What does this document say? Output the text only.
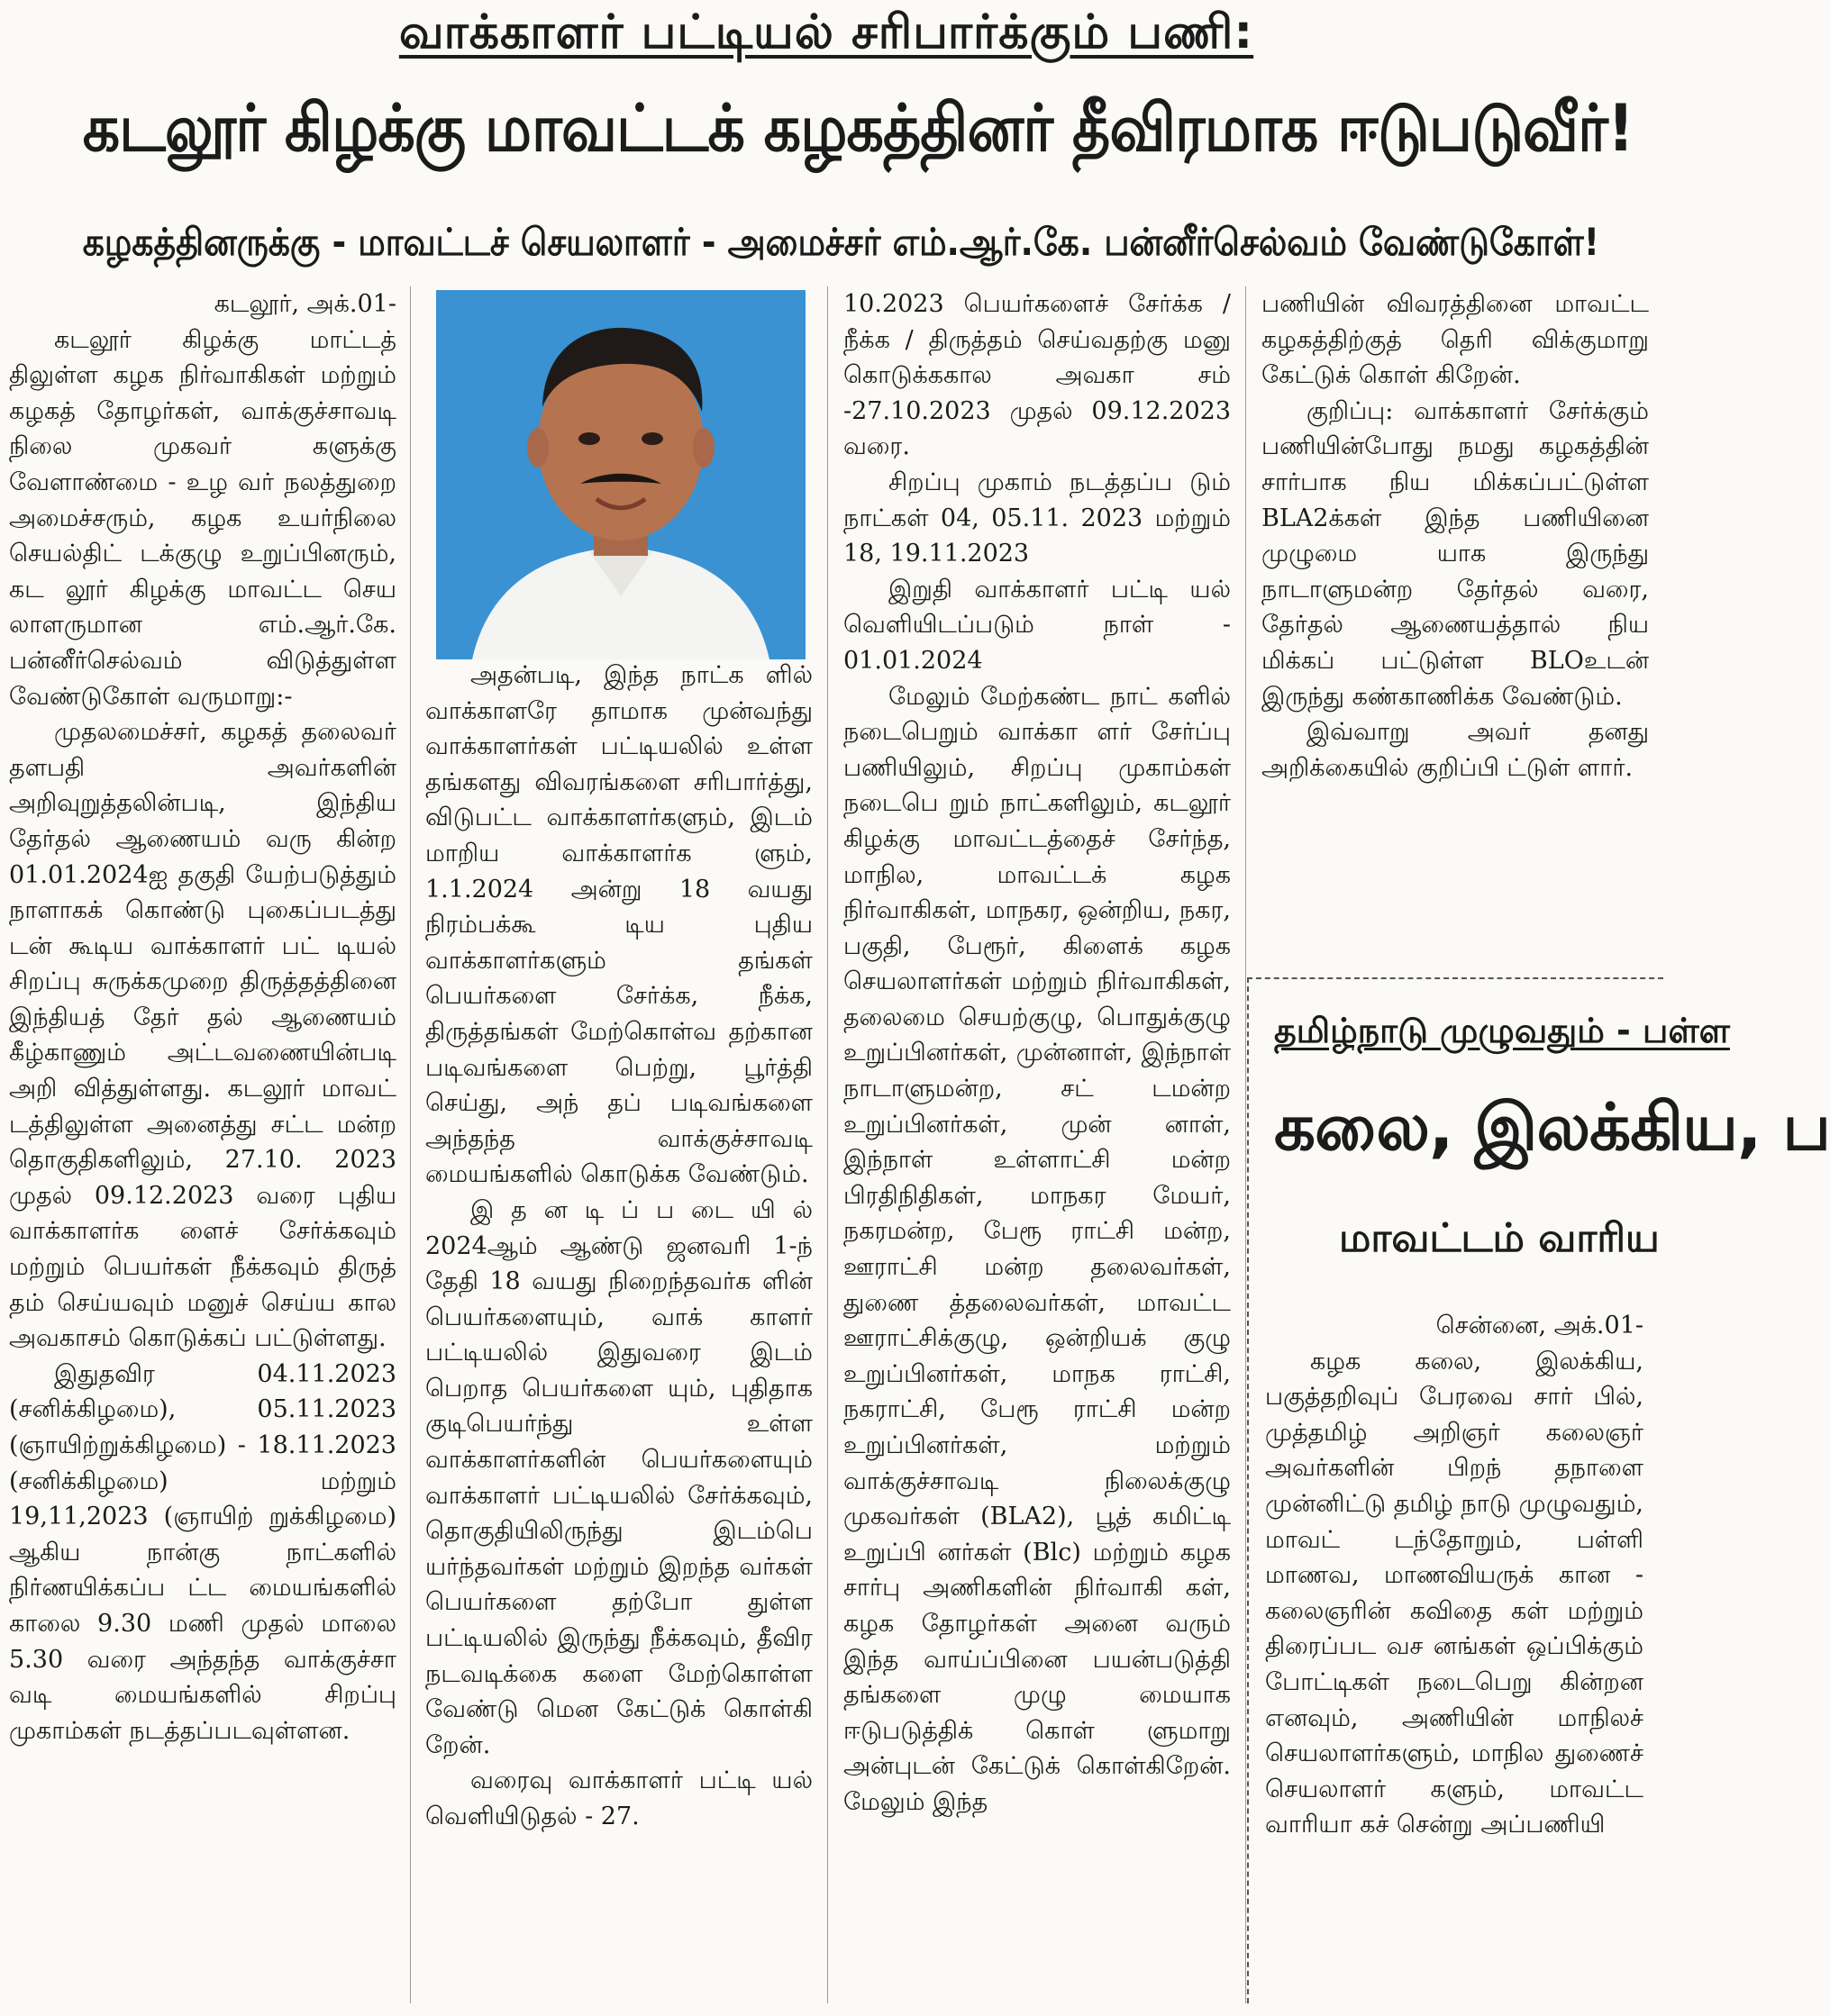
வாக்காளர் பட்டியல் சரிபார்க்கும் பணி:
கடலூர் கிழக்கு மாவட்டக் கழகத்தினர் தீவிரமாக ஈடுபடுவீர்!
கழகத்தினருக்கு - மாவட்டச் செயலாளர் - அமைச்சர் எம்.ஆர்.கே. பன்னீர்செல்வம் வேண்டுகோள்!

கடலூர், அக்.01-

கடலூர் கிழக்கு மாட்டத் திலுள்ள கழக நிர்வாகிகள் மற்றும் கழகத் தோழர்கள், வாக்குச்சாவடி நிலை முகவர் களுக்கு வேளாண்மை - உழ வர் நலத்துறை அமைச்சரும், கழக உயர்நிலை செயல்திட் டக்குழு உறுப்பினரும், கட லூர் கிழக்கு மாவட்ட செய லாளருமான எம்.ஆர்.கே. பன்னீர்செல்வம் விடுத்துள்ள வேண்டுகோள் வருமாறு:-

முதலமைச்சர், கழகத் தலைவர் தளபதி அவர்களின் அறிவுறுத்தலின்படி, இந்திய தேர்தல் ஆணையம் வரு கின்ற 01.01.2024ஐ தகுதி யேற்படுத்தும் நாளாகக் கொண்டு புகைப்படத்து டன் கூடிய வாக்காளர் பட் டியல் சிறப்பு சுருக்கமுறை திருத்தத்தினை இந்தியத் தேர் தல் ஆணையம் கீழ்காணும் அட்டவணையின்படி அறி வித்துள்ளது. கடலூர் மாவட் டத்திலுள்ள அனைத்து சட்ட மன்ற தொகுதிகளிலும், 27.10. 2023 முதல் 09.12.2023 வரை புதிய வாக்காளர்க ளைச் சேர்க்கவும் மற்றும் பெயர்கள் நீக்கவும் திருத் தம் செய்யவும் மனுச் செய்ய கால அவகாசம் கொடுக்கப் பட்டுள்ளது.

இதுதவிர 04.11.2023 (சனிக்கிழமை), 05.11.2023 (ஞாயிற்றுக்கிழமை) - 18.11.2023 (சனிக்கிழமை) மற்றும் 19,11,2023 (ஞாயிற் றுக்கிழமை) ஆகிய நான்கு நாட்களில் நிர்ணயிக்கப்ப ட்ட மையங்களில் காலை 9.30 மணி முதல் மாலை 5.30 வரை அந்தந்த வாக்குச்சா வடி மையங்களில் சிறப்பு முகாம்கள் நடத்தப்படவுள்ளன.

அதன்படி, இந்த நாட்க ளில் வாக்காளரே தாமாக முன்வந்து வாக்காளர்கள் பட்டியலில் உள்ள தங்களது விவரங்களை சரிபார்த்து, விடுபட்ட வாக்காளர்களும், இடம் மாறிய வாக்காளர்க ளும், 1.1.2024 அன்று 18 வயது நிரம்பக்கூ டிய புதிய வாக்காளர்களும் தங்கள் பெயர்களை சேர்க்க, நீக்க, திருத்தங்கள் மேற்கொள்வ தற்கான படிவங்களை பெற்று, பூர்த்தி செய்து, அந் தப் படிவங்களை அந்தந்த வாக்குச்சாவடி மையங்களில் கொடுக்க வேண்டும்.

இ த ன டி ப் ப டை யி ல் 2024ஆம் ஆண்டு ஜனவரி 1-ந் தேதி 18 வயது நிறைந்தவர்க ளின் பெயர்களையும், வாக் காளர் பட்டியலில் இதுவரை இடம் பெறாத பெயர்களை யும், புதிதாக குடிபெயர்ந்து உள்ள வாக்காளர்களின் பெயர்களையும் வாக்காளர் பட்டியலில் சேர்க்கவும், தொகுதியிலிருந்து இடம்பெ யர்ந்தவர்கள் மற்றும் இறந்த வர்கள் பெயர்களை தற்போ துள்ள பட்டியலில் இருந்து நீக்கவும், தீவிர நடவடிக்கை களை மேற்கொள்ள வேண்டு மென கேட்டுக் கொள்கி றேன்.

வரைவு வாக்காளர் பட்டி யல் வெளியிடுதல் - 27.

10.2023 பெயர்களைச் சேர்க்க / நீக்க / திருத்தம் செய்வதற்கு மனு கொடுக்ககால அவகா சம் -27.10.2023 முதல் 09.12.2023 வரை.

சிறப்பு முகாம் நடத்தப்ப டும் நாட்கள் 04, 05.11. 2023 மற்றும் 18, 19.11.2023

இறுதி வாக்காளர் பட்டி யல் வெளியிடப்படும் நாள் - 01.01.2024

மேலும் மேற்கண்ட நாட் களில் நடைபெறும் வாக்கா ளர் சேர்ப்பு பணியிலும், சிறப்பு முகாம்கள் நடைபெ றும் நாட்களிலும், கடலூர் கிழக்கு மாவட்டத்தைச் சேர்ந்த, மாநில, மாவட்டக் கழக நிர்வாகிகள், மாநகர, ஒன்றிய, நகர, பகுதி, பேரூர், கிளைக் கழக செயலாளர்கள் மற்றும் நிர்வாகிகள், தலைமை செயற்குழு, பொதுக்குழு உறுப்பினர்கள், முன்னாள், இந்நாள் நாடாளுமன்ற, சட் டமன்ற உறுப்பினர்கள், முன் னாள், இந்நாள் உள்ளாட்சி மன்ற பிரதிநிதிகள், மாநகர மேயர், நகரமன்ற, பேரூ ராட்சி மன்ற, ஊராட்சி மன்ற தலைவர்கள், துணை த்தலைவர்கள், மாவட்ட ஊராட்சிக்குழு, ஒன்றியக் குழு உறுப்பினர்கள், மாநக ராட்சி, நகராட்சி, பேரூ ராட்சி மன்ற உறுப்பினர்கள், மற்றும் வாக்குச்சாவடி நிலைக்குழு முகவர்கள் (BLA2), பூத் கமிட்டி உறுப்பி னர்கள் (Blc) மற்றும் கழக சார்பு அணிகளின் நிர்வாகி கள், கழக தோழர்கள் அனை வரும் இந்த வாய்ப்பினை பயன்படுத்தி தங்களை முழு மையாக ஈடுபடுத்திக் கொள் ளுமாறு அன்புடன் கேட்டுக் கொள்கிறேன். மேலும் இந்த

பணியின் விவரத்தினை மாவட்ட கழகத்திற்குத் தெரி விக்குமாறு கேட்டுக் கொள் கிறேன்.

குறிப்பு: வாக்காளர் சேர்க்கும் பணியின்போது நமது கழகத்தின் சார்பாக நிய மிக்கப்பட்டுள்ள BLA2க்கள் இந்த பணியினை முழுமை யாக இருந்து நாடாளுமன்ற தேர்தல் வரை, தேர்தல் ஆணையத்தால் நிய மிக்கப் பட்டுள்ள BLOஉடன் இருந்து கண்காணிக்க வேண்டும்.

இவ்வாறு அவர் தனது அறிக்கையில் குறிப்பி ட்டுள் ளார்.

தமிழ்நாடு முழுவதும் - பள்ள
கலை, இலக்கிய, ப
மாவட்டம் வாரிய

சென்னை, அக்.01-

கழக கலை, இலக்கிய, பகுத்தறிவுப் பேரவை சார் பில், முத்தமிழ் அறிஞர் கலைஞர் அவர்களின் பிறந் தநாளை முன்னிட்டு தமிழ் நாடு முழுவதும், மாவட் டந்தோறும், பள்ளி மாணவ, மாணவியருக் கான - கலைஞரின் கவிதை கள் மற்றும் திரைப்பட வச னங்கள் ஒப்பிக்கும் போட்டிகள் நடைபெறு கின்றன எனவும், அணியின் மாநிலச் செயலாளர்களும், மாநில துணைச் செயலாளர் களும், மாவட்ட வாரியா கச் சென்று அப்பணியி
